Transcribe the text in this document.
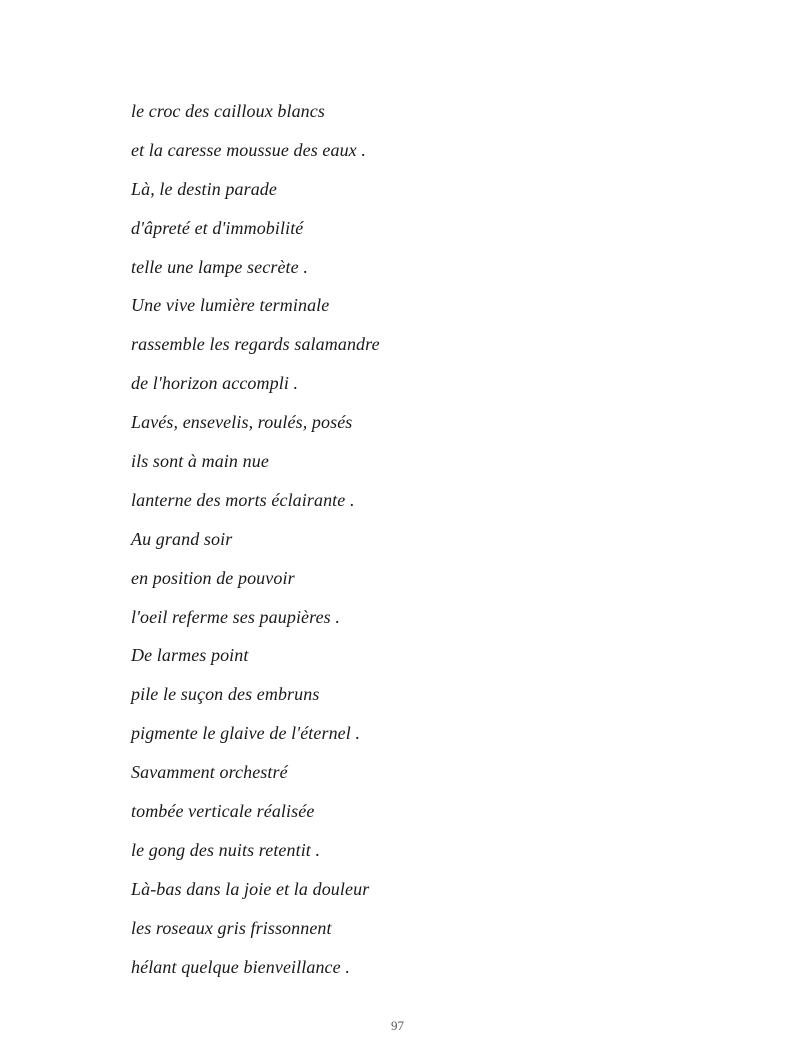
le croc des cailloux blancs
et la caresse moussue des eaux .
Là, le destin parade
d'âpreté et d'immobilité
telle une lampe secrète .
Une vive lumière terminale
rassemble les regards salamandre
de l'horizon accompli .
Lavés, ensevelis, roulés, posés
ils sont à main nue
lanterne des morts éclairante .
Au grand soir
en position de pouvoir
l'oeil referme ses paupières .
De larmes point
pile le suçon des embruns
pigmente le glaive de l'éternel .
Savamment orchestré
tombée verticale réalisée
le gong des nuits retentit .
Là-bas dans la joie et la douleur
les roseaux gris frissonnent
hélant quelque bienveillance .
97
